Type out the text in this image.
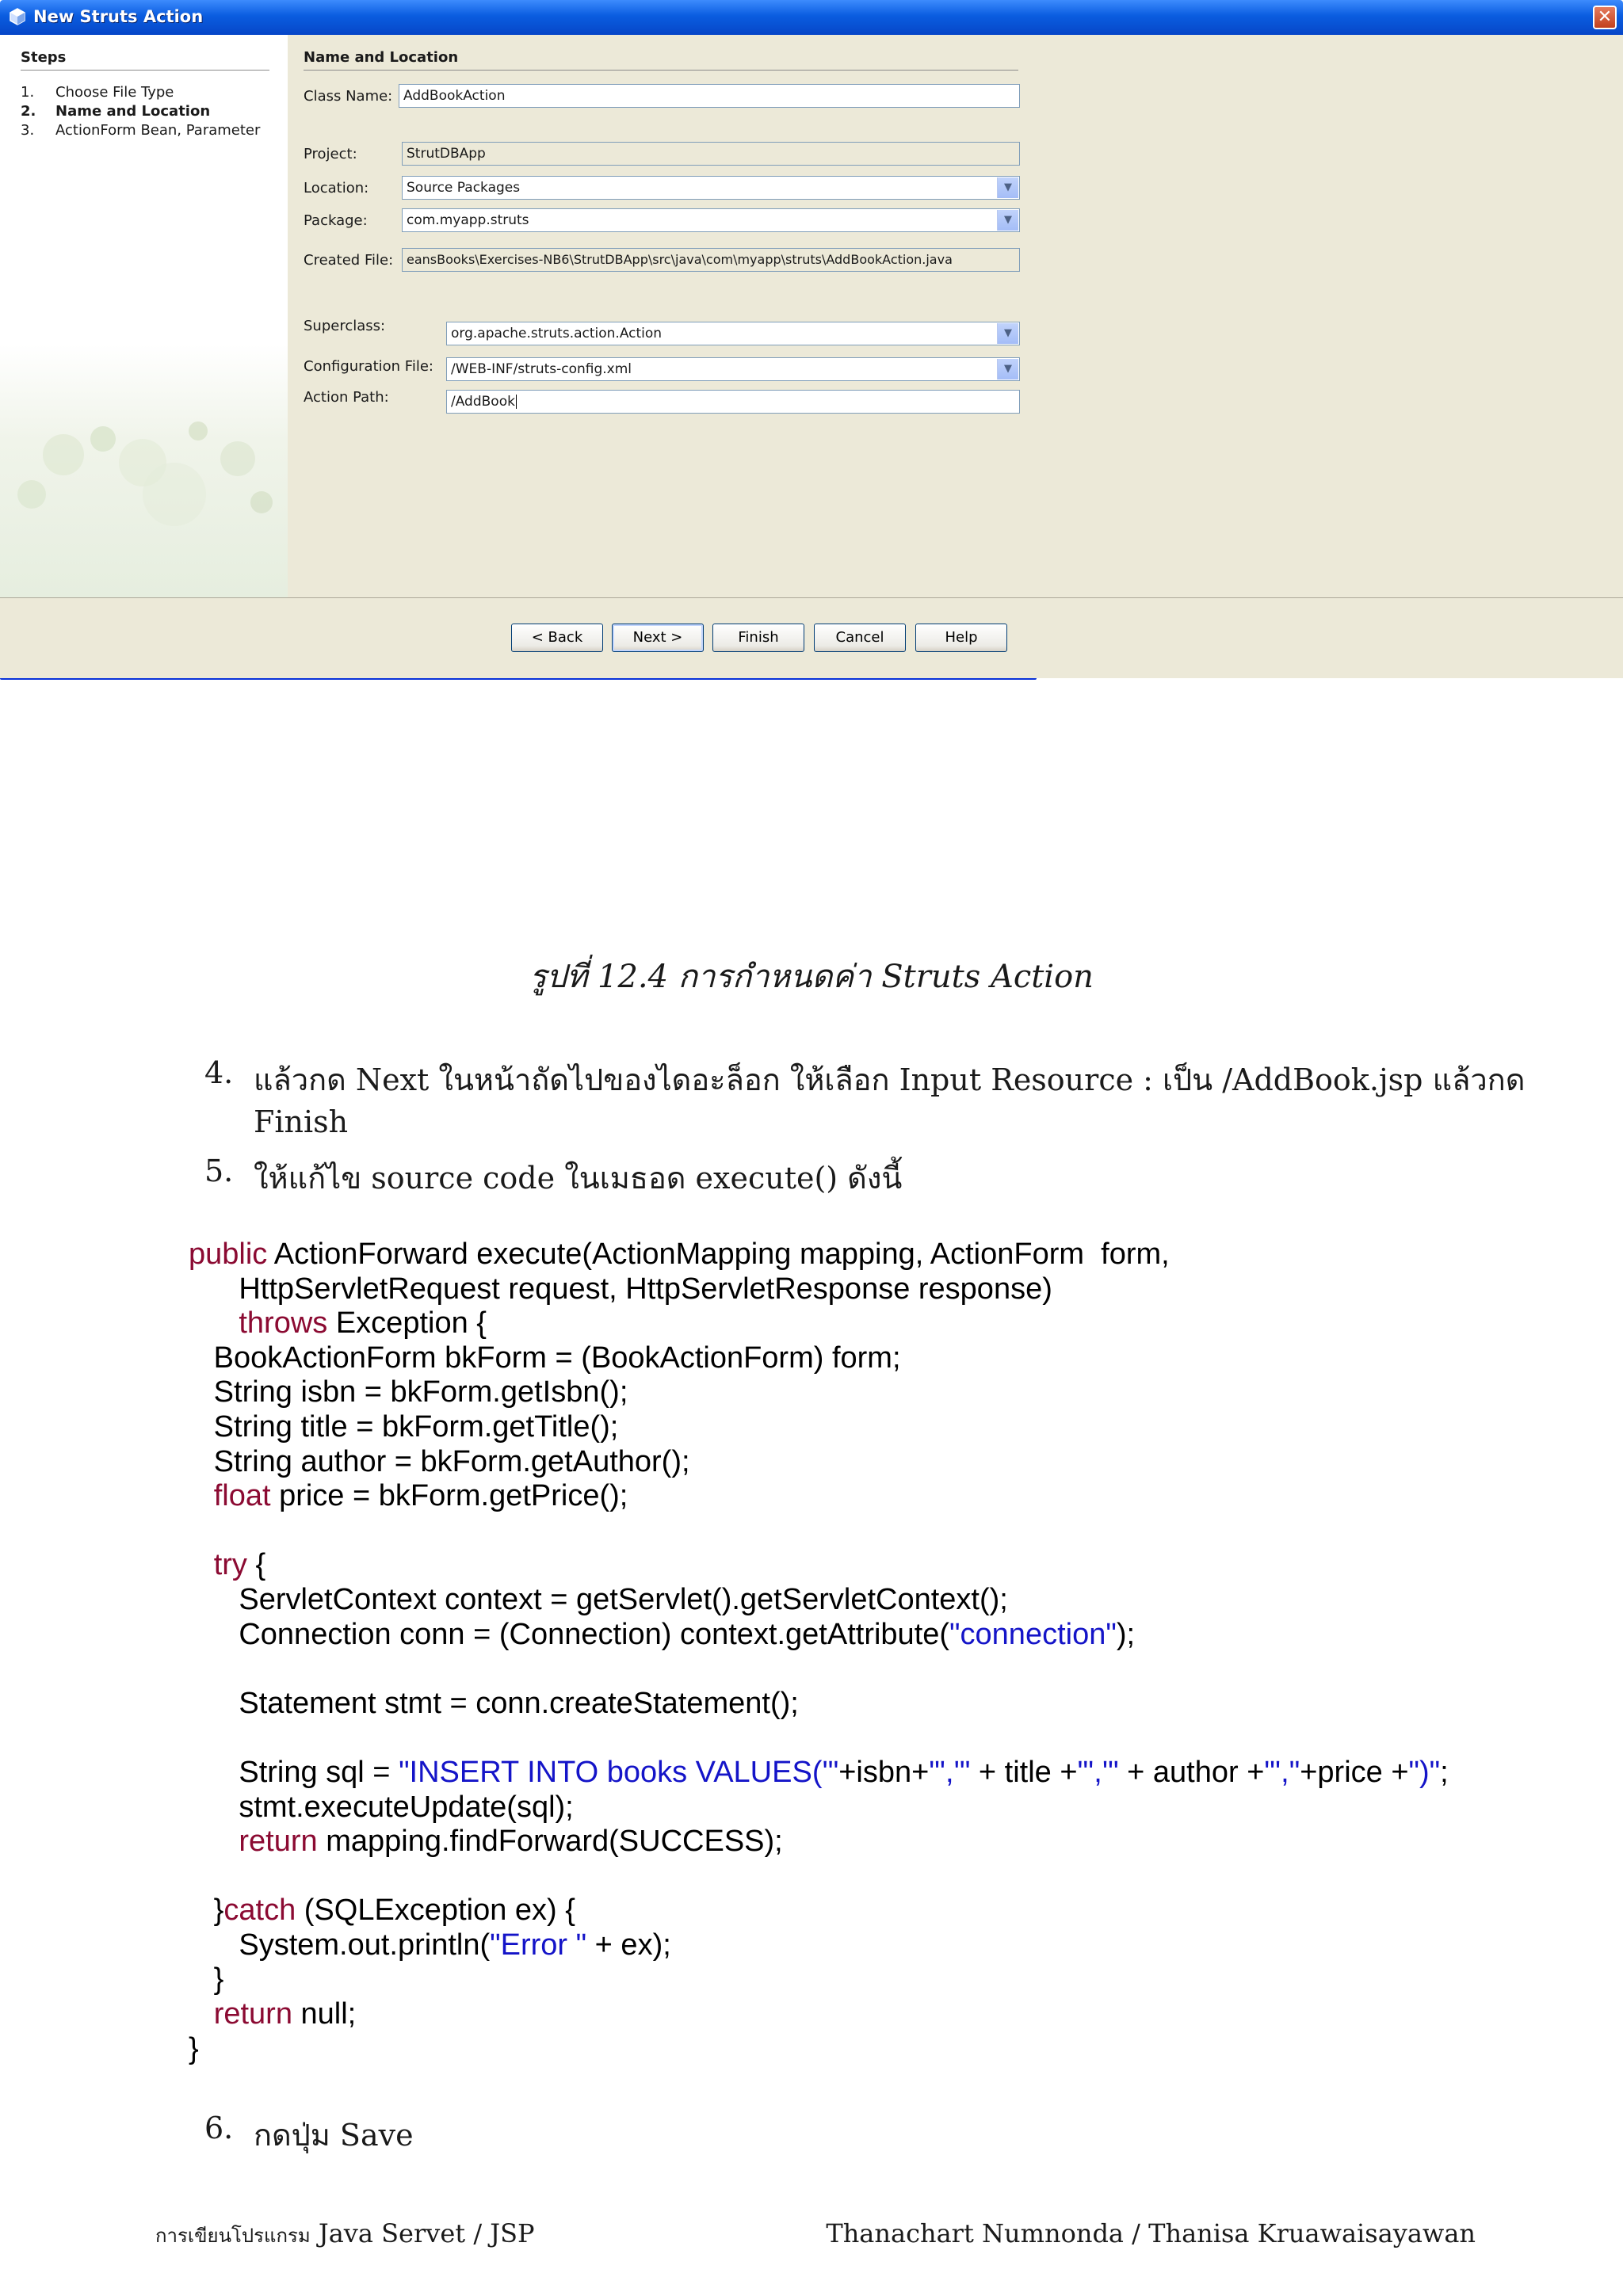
New Struts Action	✕
Steps
1. Choose File Type
2. Name and Location
3. ActionForm Bean, Parameter
Name and Location
Class Name: AddBookAction
Project:	StrutDBApp
Location:	Source Packages	▼
Package:	com.myapp.struts	▼
Created File:	eansBooks\Exercises-NB6\StrutDBApp\src\java\com\myapp\struts\AddBookAction.java
Superclass:	org.apache.struts.action.Action	▼
Configuration File:	/WEB-INF/struts-config.xml	▼
Action Path:	/AddBook
< Back	Next >	Finish	Cancel	Help
รูปที่ 12.4 การกำหนดค่า Struts Action
4. แล้วกด Next ในหน้าถัดไปของไดอะล็อก ให้เลือก Input Resource : เป็น /AddBook.jsp แล้วกด
Finish
5. ให้แก้ไข source code ในเมธอด execute() ดังนี้
public ActionForward execute(ActionMapping mapping, ActionForm  form,
HttpServletRequest request, HttpServletResponse response)
throws Exception {
BookActionForm bkForm = (BookActionForm) form;
String isbn = bkForm.getIsbn();
String title = bkForm.getTitle();
String author = bkForm.getAuthor();
float price = bkForm.getPrice();

try {
ServletContext context = getServlet().getServletContext();
Connection conn = (Connection) context.getAttribute("connection");

Statement stmt = conn.createStatement();

String sql = "INSERT INTO books VALUES('"+isbn+"','" + title +"','" + author +"',"+price +")";
stmt.executeUpdate(sql);
return mapping.findForward(SUCCESS);

}catch (SQLException ex) {
System.out.println("Error " + ex);
}
return null;
}
6. กดปุ่ม Save
การเขียนโปรแกรม Java Servet / JSP	Thanachart Numnonda / Thanisa Kruawaisayawan
